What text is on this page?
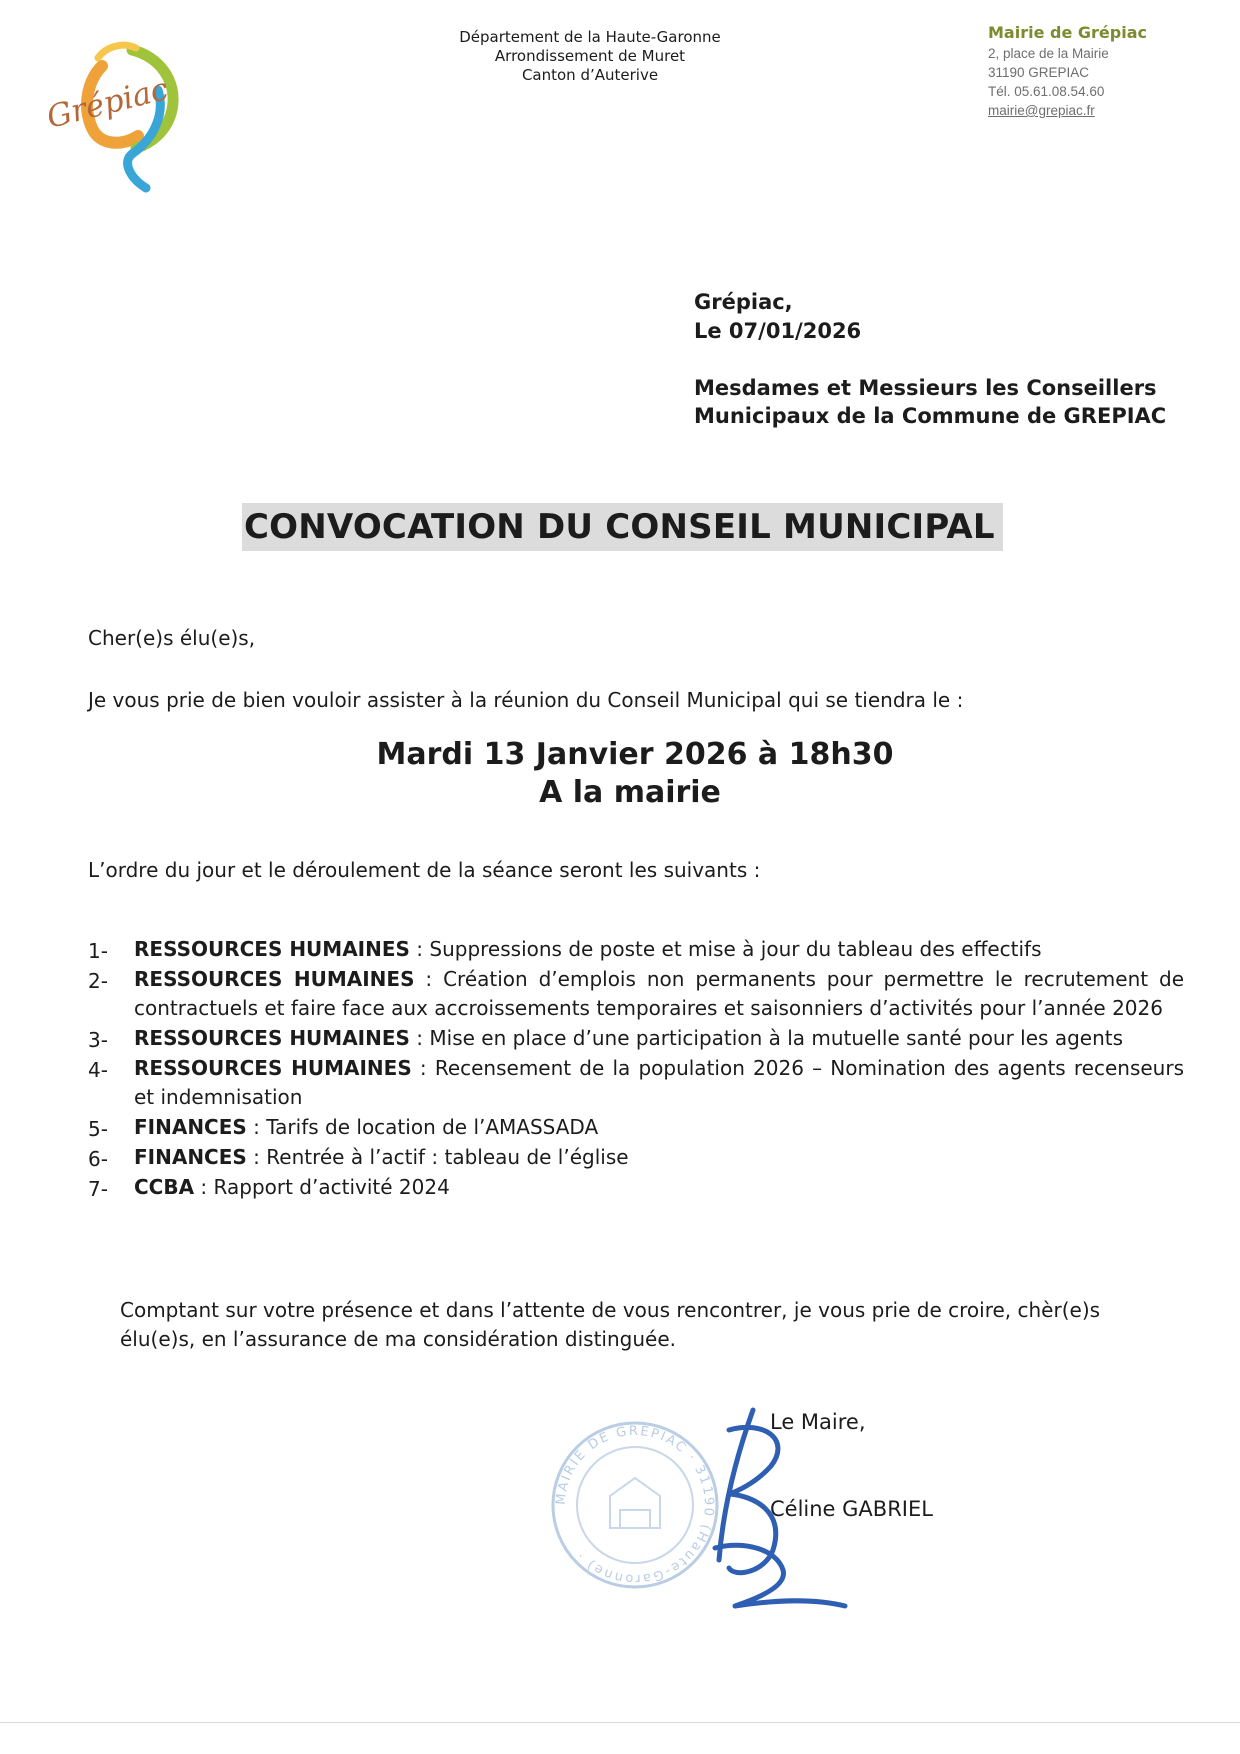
Grépiac
Département de la Haute-Garonne
Arrondissement de Muret
Canton d’Auterive
Mairie de Grépiac
2, place de la Mairie
31190 GREPIAC
Tél. 05.61.08.54.60
mairie@grepiac.fr
Grépiac,
Le 07/01/2026
Mesdames et Messieurs les Conseillers
Municipaux de la Commune de GREPIAC
CONVOCATION DU CONSEIL MUNICIPAL
Cher(e)s élu(e)s,
Je vous prie de bien vouloir assister à la réunion du Conseil Municipal qui se tiendra le :
Mardi 13 Janvier 2026 à 18h30
A la mairie
L’ordre du jour et le déroulement de la séance seront les suivants :
1- RESSOURCES HUMAINES : Suppressions de poste et mise à jour du tableau des effectifs
2- RESSOURCES HUMAINES : Création d’emplois non permanents pour permettre le recrutement de contractuels et faire face aux accroissements temporaires et saisonniers d’activités pour l’année 2026
3- RESSOURCES HUMAINES : Mise en place d’une participation à la mutuelle santé pour les agents
4- RESSOURCES HUMAINES : Recensement de la population 2026 – Nomination des agents recenseurs et indemnisation
5- FINANCES : Tarifs de location de l’AMASSADA
6- FINANCES : Rentrée à l’actif : tableau de l’église
7- CCBA : Rapport d’activité 2024
Comptant sur votre présence et dans l’attente de vous rencontrer, je vous prie de croire, chèr(e)s élu(e)s, en l’assurance de ma considération distinguée.
MAIRIE DE GREPIAC · 31190 (Haute-Garonne) ·
Le Maire,
Céline GABRIEL
